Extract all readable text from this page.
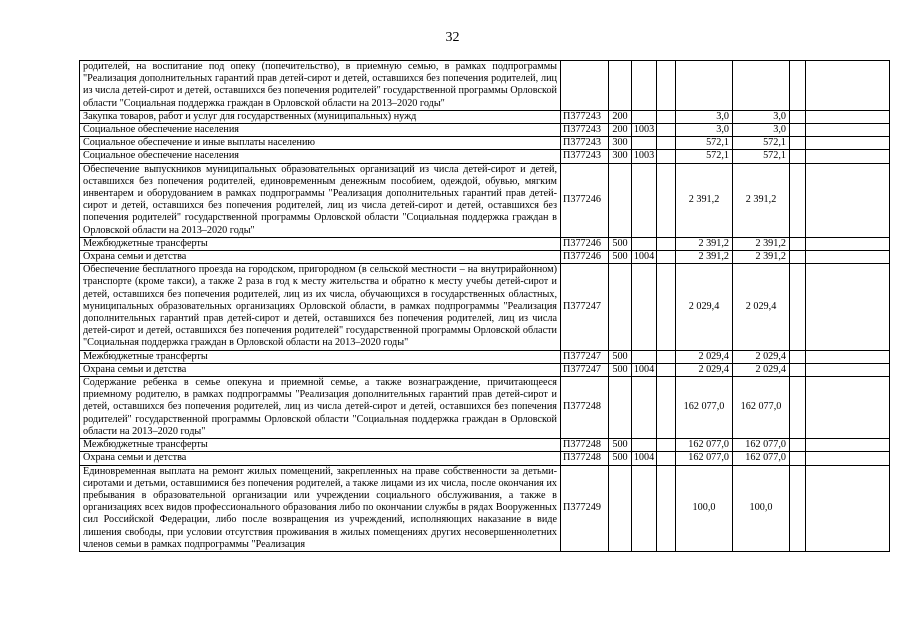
32
родителей, на воспитание под опеку (попечительство), в приемную семью, в рамках подпрограммы "Реализация дополнительных гарантий прав детей-сирот и детей, оставшихся без попечения родителей, лиц из числа детей-сирот и детей, оставшихся без попечения родителей" государственной программы Орловской области "Социальная поддержка граждан в Орловской области на 2013–2020 годы"								
Закупка товаров, работ и услуг для государственных (муниципальных) нужд	П377243	200			3,0	3,0		
Социальное обеспечение населения	П377243	200	1003		3,0	3,0		
Социальное обеспечение и иные выплаты населению	П377243	300			572,1	572,1		
Социальное обеспечение населения	П377243	300	1003		572,1	572,1		
Обеспечение выпускников муниципальных образовательных организаций из числа детей-сирот и детей, оставшихся без попечения родителей, единовременным денежным пособием, одеждой, обувью, мягким инвентарем и оборудованием в рамках подпрограммы "Реализация дополнительных гарантий прав детей-сирот и детей, оставшихся без попечения родителей, лиц из числа детей-сирот и детей, оставшихся без попечения родителей" государственной программы Орловской области "Социальная поддержка граждан в Орловской области на 2013–2020 годы"	П377246				2 391,2	2 391,2		
Межбюджетные трансферты	П377246	500			2 391,2	2 391,2		
Охрана семьи и детства	П377246	500	1004		2 391,2	2 391,2		
Обеспечение бесплатного проезда на городском, пригородном (в сельской местности – на внутрирайонном) транспорте (кроме такси), а также 2 раза в год к месту жительства и обратно к месту учебы детей-сирот и детей, оставшихся без попечения родителей, лиц из их числа, обучающихся в государственных областных, муниципальных образовательных организациях Орловской области, в рамках подпрограммы "Реализация дополнительных гарантий прав детей-сирот и детей, оставшихся без попечения родителей, лиц из числа детей-сирот и детей, оставшихся без попечения родителей" государственной программы Орловской области "Социальная поддержка граждан в Орловской области на 2013–2020 годы"	П377247				2 029,4	2 029,4		
Межбюджетные трансферты	П377247	500			2 029,4	2 029,4		
Охрана семьи и детства	П377247	500	1004		2 029,4	2 029,4		
Содержание ребенка в семье опекуна и приемной семье, а также вознаграждение, причитающееся приемному родителю, в рамках подпрограммы "Реализация дополнительных гарантий прав детей-сирот и детей, оставшихся без попечения родителей, лиц из числа детей-сирот и детей, оставшихся без попечения родителей" государственной программы Орловской области "Социальная поддержка граждан в Орловской области на 2013–2020 годы"	П377248				162 077,0	162 077,0		
Межбюджетные трансферты	П377248	500			162 077,0	162 077,0		
Охрана семьи и детства	П377248	500	1004		162 077,0	162 077,0		
Единовременная выплата на ремонт жилых помещений, закрепленных на праве собственности за детьми-сиротами и детьми, оставшимися без попечения родителей, а также лицами из их числа, после окончания их пребывания в образовательной организации или учреждении социального обслуживания, а также в организациях всех видов профессионального образования либо по окончании службы в рядах Вооруженных сил Российской Федерации, либо после возвращения из учреждений, исполняющих наказание в виде лишения свободы, при условии отсутствия проживания в жилых помещениях других несовершеннолетних членов семьи в рамках подпрограммы "Реализация	П377249				100,0	100,0		
